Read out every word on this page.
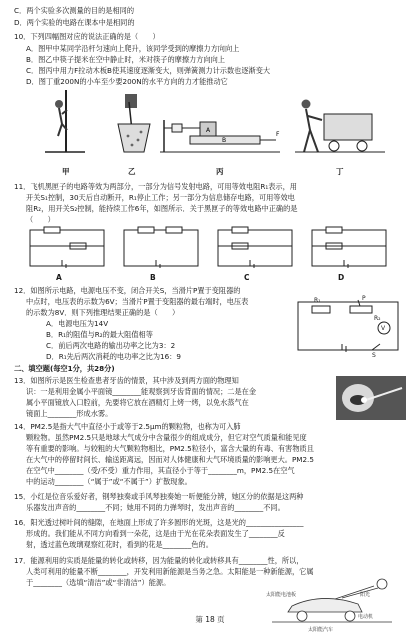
C．两个实验多次测量的目的是相同的
D．两个实验的电路在课本中是相同的
10．下列四幅图对应的说法正确的是（　　）
A．图甲中某同学沿杆匀速向上爬升，该同学受到的摩擦力方向向上
B．图乙中筷子提米在空中静止时，米对筷子的摩擦力方向向上
C．图丙中用力F拉动木板B使其速度逐渐变大，则弹簧测力计示数也逐渐变大
D．图丁重200N的小车至少要200N的水平方向的力才能推动它
A
B
F
甲	乙	丙	丁
11．飞机黑匣子的电路等效为两部分，一部分为信号发射电路，可用等效电阻R₁表示，用
开关S₁控制，30天后自动断开，R₁停止工作；另一部分为信息储存电路，可用等效电
阻R₂，用开关S₂控制，能持续工作6年，如图所示．关于黑匣子的等效电路中正确的是
（　　）
A	B	C	D
12．如图所示电路，电源电压不变，闭合开关S，当滑片P置于变阻器的
中点时，电压表的示数为6V；当滑片P置于变阻器的最右端时，电压表
的示数为8V．则下列推理结果正确的是（　　）
A．电源电压为14V
B．R₁的阻值与R₂的最大阻值相等
C．前后两次电路的输出功率之比为3：2
D．R₁先后两次消耗的电功率之比为16：9
R₁
R₂
P
V
S
二、填空题(每空1分，共28分)
13．如图所示是医生检查患者牙齿的情景，其中涉及到两方面的物理知
识：一是利用金属小平面镜________能观察到牙齿背面的情况；二是在金
属小平面镜放入口腔前，先要将它放在酒精灯上烤一烤，以免水蒸气在
镜面上________形成水雾。
14．PM2.5是指大气中直径小于或等于2.5μm的颗粒物，也称为可入肺
颗粒物。虽然PM2.5只是地球大气成分中含量很少的组成成分，但它对空气质量和能见度
等有重要的影响。与较粗的大气颗粒物相比，PM2.5粒径小，富含大量的有毒、有害物质且
在大气中的停留时间长、输送距离远，因而对人体健康和大气环境质量的影响更大。PM2.5
在空气中________（受/不受）重力作用，其直径小于等于________m，PM2.5在空气
中的运动________（“属于”或“不属于”）扩散现象。
15．小红是位音乐爱好者，钢琴独奏或手风琴独奏她一听便能分辨，她区分的依据是这两种
乐器发出声音的________不同；她用不同的力弹琴时，发出声音的________不同。
16．阳光透过树叶间的缝隙，在地面上形成了许多圆形的光斑，这是光的________________
形成的。我们能从不同方向看到一朵花，这是由于光在花朵表面发生了________反
射，透过蓝色玻璃观察红花时，看到的花是________色的。
17．能源利用的实质是能量的转化或转移，因为能量的转化或转移具有________性，所以，
人类可利用的能量不断________，开发利用新能源是当务之急。太阳能是一种新能源，它属
于________（选填“清洁”或“非清洁”）能源。
阳光
太阳能电池板
电动机
太阳能汽车
第 18 页
